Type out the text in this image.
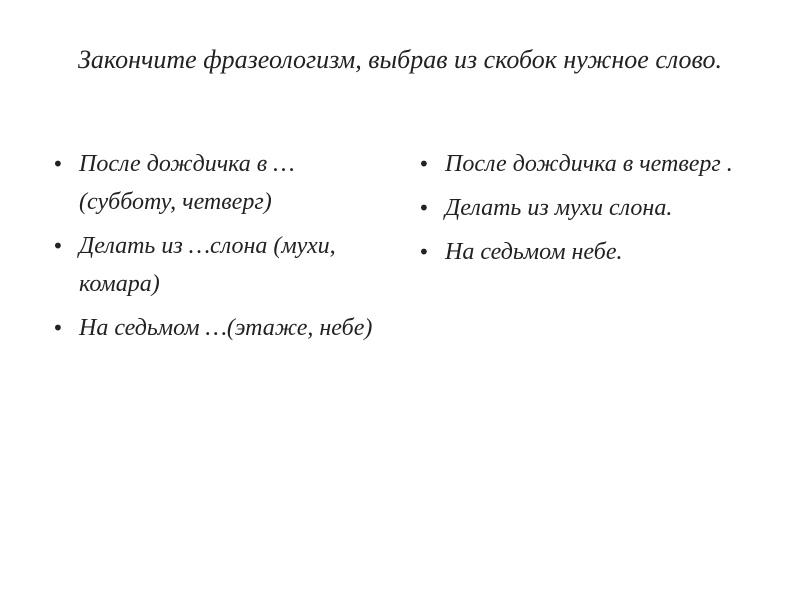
Закончите фразеологизм, выбрав из скобок нужное слово.
• После дождичка в … (субботу, четверг)
• Делать из …слона (мухи, комара)
• На седьмом …(этаже, небе)
• После дождичка в четверг .
• Делать из мухи слона.
• На седьмом небе.
